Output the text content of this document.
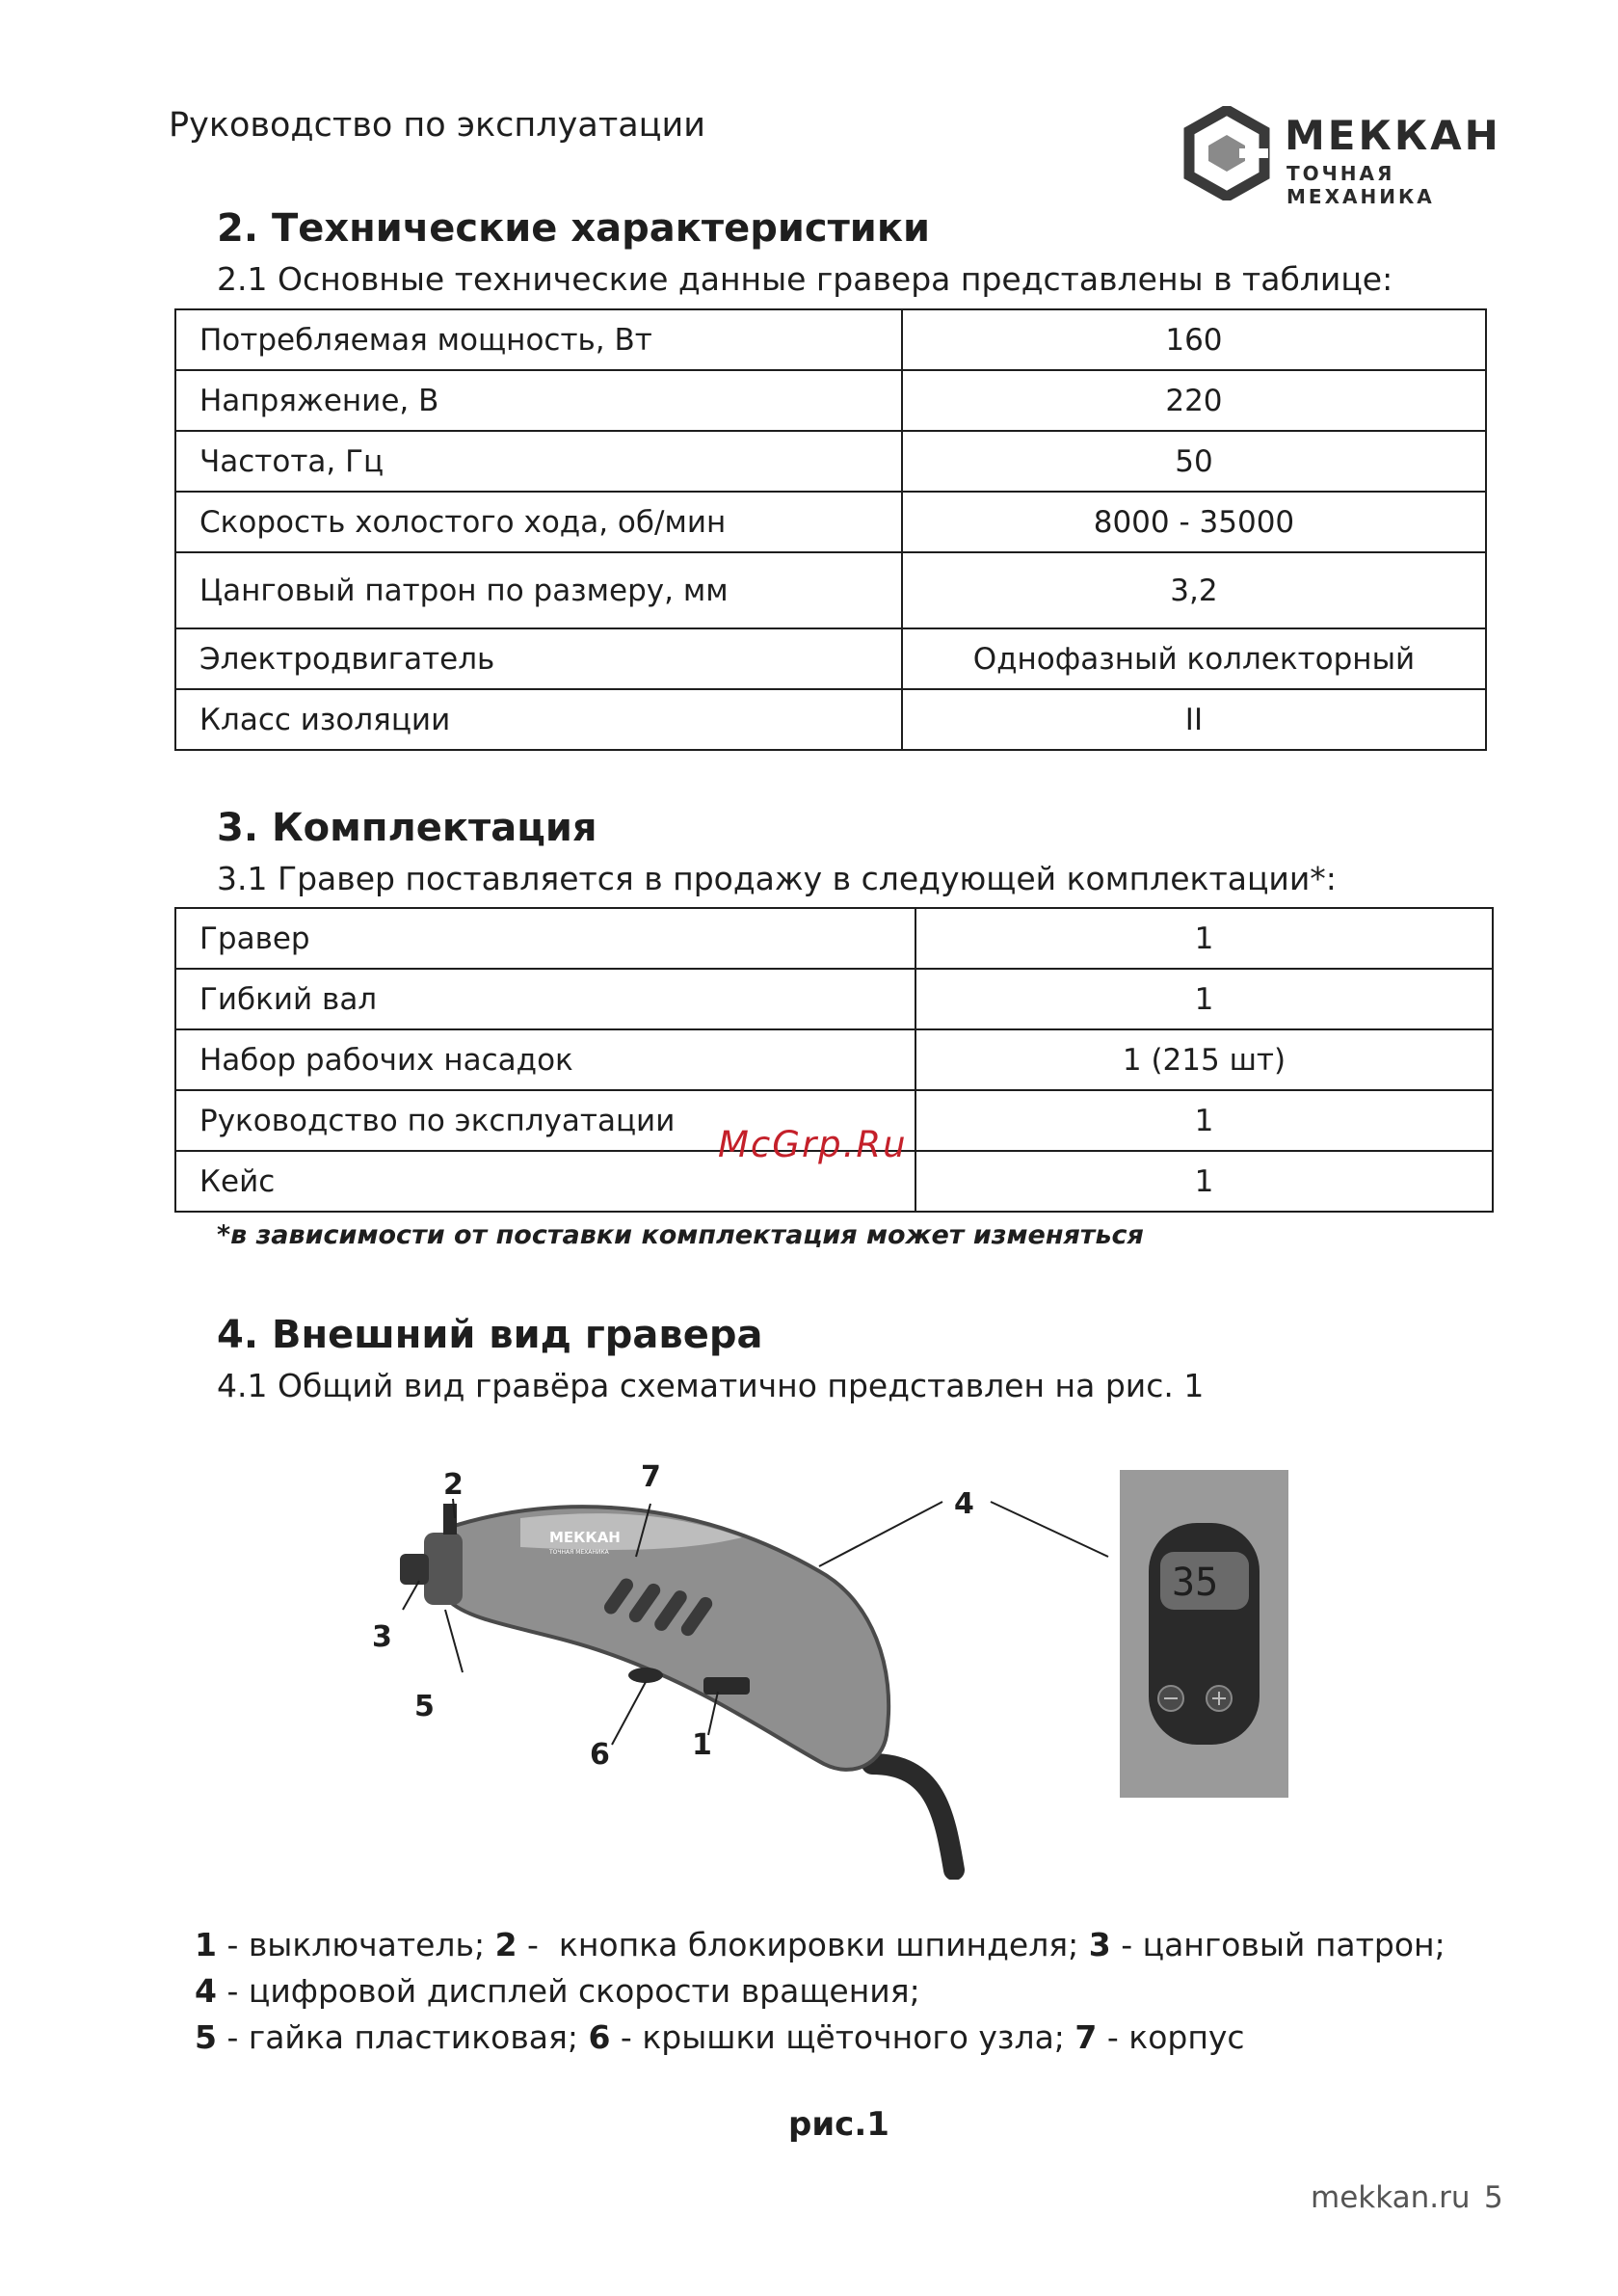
Руководство по эксплуатации	МЕККАН
ТОЧНАЯ МЕХАНИКА
2. Технические характеристики
2.1 Основные технические данные гравера представлены в таблице:
Потребляемая мощность, Вт	160
Напряжение, В	220
Частота, Гц	50
Скорость холостого хода, об/мин	8000 - 35000
Цанговый патрон по размеру, мм	3,2
Электродвигатель	Однофазный коллекторный
Класс изоляции	II
3. Комплектация
3.1 Гравер поставляется в продажу в следующей комплектации*:
Гравер	1
Гибкий вал	1
Набор рабочих насадок	1 (215 шт)
Руководство по эксплуатации	1
Кейс	1
McGrp.Ru
*в зависимости от поставки комплектация может изменяться
4. Внешний вид гравера
4.1 Общий вид гравёра схематично представлен на рис. 1
МЕККАН
ТОЧНАЯ МЕХАНИКА
2	7
3
5
6	1
4
35
1 - выключатель; 2 -  кнопка блокировки шпинделя; 3 - цанговый патрон;
4 - цифровой дисплей скорости вращения;
5 - гайка пластиковая; 6 - крышки щёточного узла; 7 - корпус
рис.1
mekkan.ru 5
